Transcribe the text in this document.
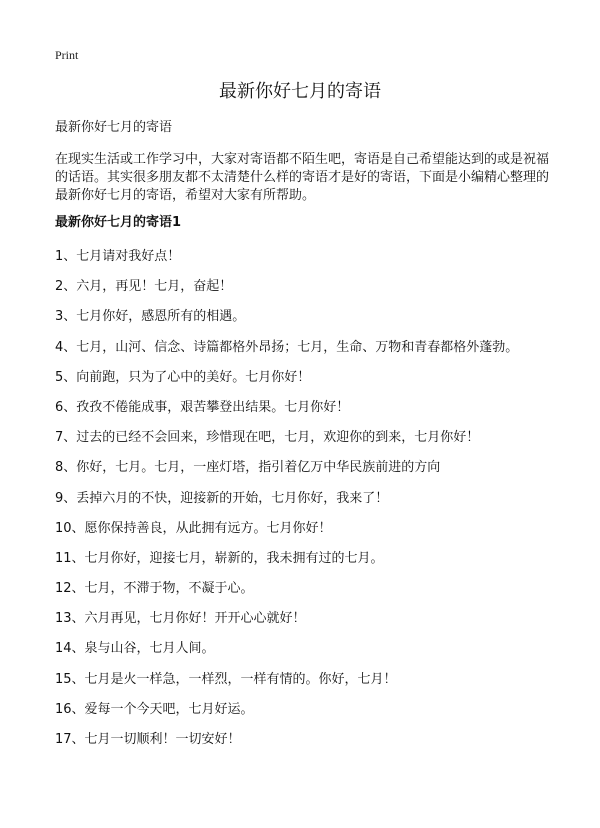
Print
最新你好七月的寄语
最新你好七月的寄语
在现实生活或工作学习中，大家对寄语都不陌生吧，寄语是自己希望能达到的或是祝福的话语。其实很多朋友都不太清楚什么样的寄语才是好的寄语，下面是小编精心整理的最新你好七月的寄语，希望对大家有所帮助。
最新你好七月的寄语1
1、七月请对我好点！
2、六月，再见！七月，奋起！
3、七月你好，感恩所有的相遇。
4、七月，山河、信念、诗篇都格外昂扬；七月，生命、万物和青春都格外蓬勃。
5、向前跑，只为了心中的美好。七月你好！
6、孜孜不倦能成事，艰苦攀登出结果。七月你好！
7、过去的已经不会回来，珍惜现在吧，七月，欢迎你的到来，七月你好！
8、你好，七月。七月，一座灯塔，指引着亿万中华民族前进的方向
9、丢掉六月的不快，迎接新的开始，七月你好，我来了！
10、愿你保持善良，从此拥有远方。七月你好！
11、七月你好，迎接七月，崭新的，我未拥有过的七月。
12、七月，不滞于物，不凝于心。
13、六月再见，七月你好！开开心心就好！
14、泉与山谷，七月人间。
15、七月是火一样急，一样烈，一样有情的。你好，七月！
16、爱每一个今天吧，七月好运。
17、七月一切顺利！一切安好！
